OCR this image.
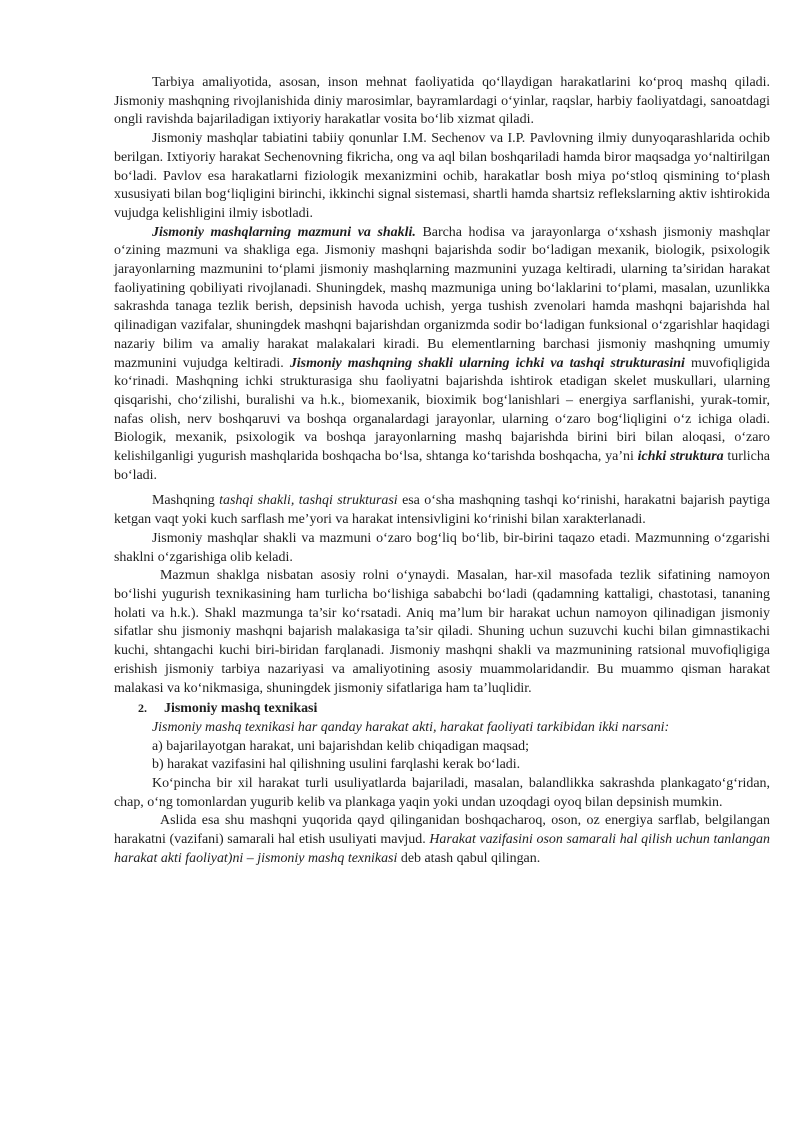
Tarbiya amaliyotida, asosan, inson mehnat faoliyatida qo‘llaydigan harakatlarini ko‘proq mashq qiladi. Jismoniy mashqning rivojlanishida diniy marosimlar, bayramlardagi o‘yinlar, raqslar, harbiy faoliyatdagi, sanoatdagi ongli ravishda bajariladigan ixtiyoriy harakatlar vosita bo‘lib xizmat qiladi.

Jismoniy mashqlar tabiatini tabiiy qonunlar I.M. Sechenov va I.P. Pavlovning ilmiy dunyoqarashlarida ochib berilgan. Ixtiyoriy harakat Sechenovning fikricha, ong va aql bilan boshqariladi hamda biror maqsadga yo‘naltirilgan bo‘ladi. Pavlov esa harakatlarni fiziologik mexanizmini ochib, harakatlar bosh miya po‘stloq qismining to‘plash xususiyati bilan bog‘liqligini birinchi, ikkinchi signal sistemasi, shartli hamda shartsiz reflekslarning aktiv ishtirokida vujudga kelishligini ilmiy isbotladi.

Jismoniy mashqlarning mazmuni va shakli. Barcha hodisa va jarayonlarga o‘xshash jismoniy mashqlar o‘zining mazmuni va shakliga ega. Jismoniy mashqni bajarishda sodir bo‘ladigan mexanik, biologik, psixologik jarayonlarning mazmunini to‘plami jismoniy mashqlarning mazmunini yuzaga keltiradi, ularning ta’siridan harakat faoliyatining qobiliyati rivojlanadi. Shuningdek, mashq mazmuniga uning bo‘laklarini to‘plami, masalan, uzunlikka sakrashda tanaga tezlik berish, depsinish havoda uchish, yerga tushish zvenolari hamda mashqni bajarishda hal qilinadigan vazifalar, shuningdek mashqni bajarishdan organizmda sodir bo‘ladigan funksional o‘zgarishlar haqidagi nazariy bilim va amaliy harakat malakalari kiradi. Bu elementlarning barchasi jismoniy mashqning umumiy mazmunini vujudga keltiradi. Jismoniy mashqning shakli ularning ichki va tashqi strukturasini muvofiqligida ko‘rinadi. Mashqning ichki strukturasiga shu faoliyatni bajarishda ishtirok etadigan skelet muskullari, ularning qisqarishi, cho‘zilishi, buralishi va h.k., biomexanik, bioximik bog‘lanishlari – energiya sarflanishi, yurak-tomir, nafas olish, nerv boshqaruvi va boshqa organalardagi jarayonlar, ularning o‘zaro bog‘liqligini o‘z ichiga oladi. Biologik, mexanik, psixologik va boshqa jarayonlarning mashq bajarishda birini biri bilan aloqasi, o‘zaro kelishilganligi yugurish mashqlarida boshqacha bo‘lsa, shtanga ko‘tarishda boshqacha, ya’ni ichki struktura turlicha bo‘ladi.

Mashqning tashqi shakli, tashqi strukturasi esa o‘sha mashqning tashqi ko‘rinishi, harakatni bajarish paytiga ketgan vaqt yoki kuch sarflash me’yori va harakat intensivligini ko‘rinishi bilan xarakterlanadi.

Jismoniy mashqlar shakli va mazmuni o‘zaro bog‘liq bo‘lib, bir-birini taqazo etadi. Mazmunning o‘zgarishi shaklni o‘zgarishiga olib keladi.

Mazmun shaklga nisbatan asosiy rolni o‘ynaydi. Masalan, har-xil masofada tezlik sifatining namoyon bo‘lishi yugurish texnikasining ham turlicha bo‘lishiga sababchi bo‘ladi (qadamning kattaligi, chastotasi, tananing holati va h.k.). Shakl mazmunga ta’sir ko‘rsatadi. Aniq ma’lum bir harakat uchun namoyon qilinadigan jismoniy sifatlar shu jismoniy mashqni bajarish malakasiga ta’sir qiladi. Shuning uchun suzuvchi kuchi bilan gimnastikachi kuchi, shtangachi kuchi biri-biridan farqlanadi. Jismoniy mashqni shakli va mazmunining ratsional muvofiqligiga erishish jismoniy tarbiya nazariyasi va amaliyotining asosiy muammolaridandir. Bu muammo qisman harakat malakasi va ko‘nikmasiga, shuningdek jismoniy sifatlariga ham ta’luqlidir.

2. Jismoniy mashq texnikasi

Jismoniy mashq texnikasi har qanday harakat akti, harakat faoliyati tarkibidan ikki narsani:

a) bajarilayotgan harakat, uni bajarishdan kelib chiqadigan maqsad;

b) harakat vazifasini hal qilishning usulini farqlashi kerak bo‘ladi.

Ko‘pincha bir xil harakat turli usuliyatlarda bajariladi, masalan, balandlikka sakrashda plankagato‘g‘ridan, chap, o‘ng tomonlardan yugurib kelib va plankaga yaqin yoki undan uzoqdagi oyoq bilan depsinish mumkin.

Aslida esa shu mashqni yuqorida qayd qilinganidan boshqacharoq, oson, oz energiya sarflab, belgilangan harakatni (vazifani) samarali hal etish usuliyati mavjud. Harakat vazifasini oson samarali hal qilish uchun tanlangan harakat akti faoliyat)ni – jismoniy mashq texnikasi deb atash qabul qilingan.
